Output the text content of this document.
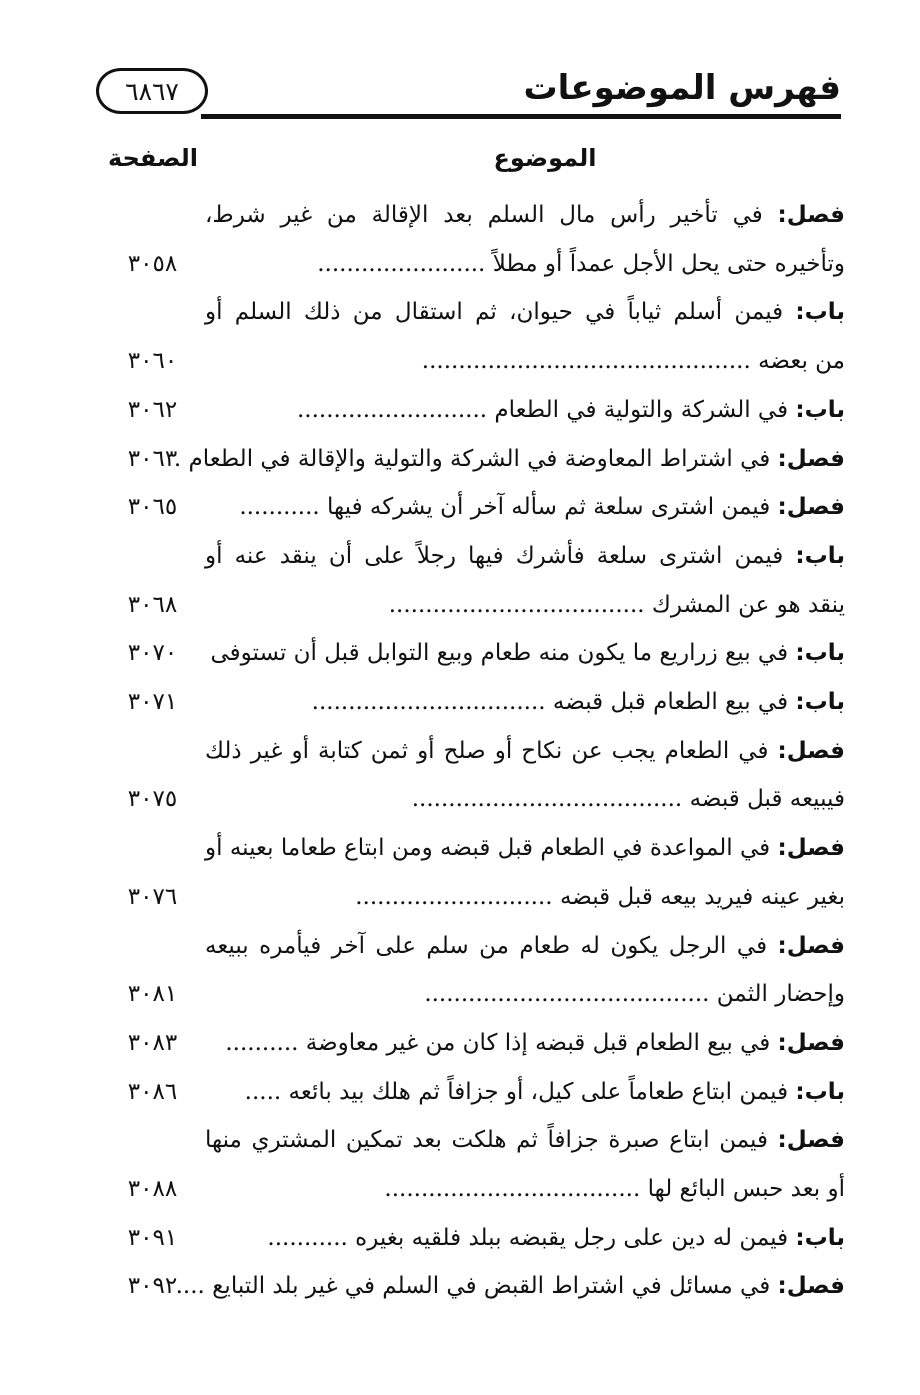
٦٨٦٧	فهرس الموضوعات
الموضوع
الصفحة
فصل: في تأخير رأس مال السلم بعد الإقالة من غير شرط،
وتأخيره حتى يحل الأجل عمداً أو مطلاً .......................
٣٠٥٨
باب: فيمن أسلم ثياباً في حيوان، ثم استقال من ذلك السلم أو
من بعضه .............................................
٣٠٦٠
باب: في الشركة والتولية في الطعام ..........................
٣٠٦٢
فصل: في اشتراط المعاوضة في الشركة والتولية والإقالة في الطعام .
٣٠٦٣
فصل: فيمن اشترى سلعة ثم سأله آخر أن يشركه فيها ...........
٣٠٦٥
باب: فيمن اشترى سلعة فأشرك فيها رجلاً على أن ينقد عنه أو
ينقد هو عن المشرك ...................................
٣٠٦٨
باب: في بيع زراريع ما يكون منه طعام وبيع التوابل قبل أن تستوفى
٣٠٧٠
باب: في بيع الطعام قبل قبضه ................................
٣٠٧١
فصل: في الطعام يجب عن نكاح أو صلح أو ثمن كتابة أو غير ذلك
فيبيعه قبل قبضه .....................................
٣٠٧٥
فصل: في المواعدة في الطعام قبل قبضه ومن ابتاع طعاما بعينه أو
بغير عينه فيريد بيعه قبل قبضه ...........................
٣٠٧٦
فصل: في الرجل يكون له طعام من سلم على آخر فيأمره ببيعه
وإحضار الثمن .......................................
٣٠٨١
فصل: في بيع الطعام قبل قبضه إذا كان من غير معاوضة ..........
٣٠٨٣
باب: فيمن ابتاع طعاماً على كيل، أو جزافاً ثم هلك بيد بائعه .....
٣٠٨٦
فصل: فيمن ابتاع صبرة جزافاً ثم هلكت بعد تمكين المشتري منها
أو بعد حبس البائع لها ...................................
٣٠٨٨
باب: فيمن له دين على رجل يقبضه ببلد فلقيه بغيره ...........
٣٠٩١
فصل: في مسائل في اشتراط القبض في السلم في غير بلد التبايع ....
٣٠٩٢
